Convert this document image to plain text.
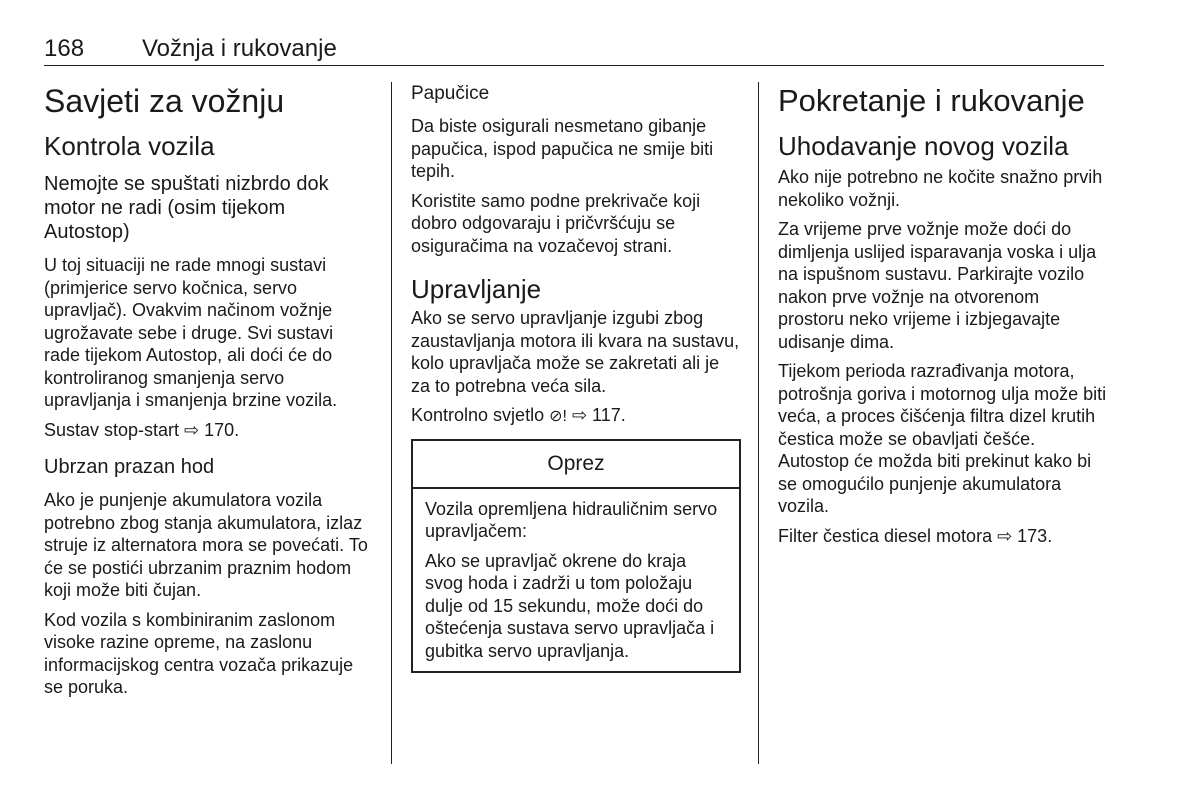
168 Vožnja i rukovanje
Savjeti za vožnju
Kontrola vozila
Nemojte se spuštati nizbrdo dok motor ne radi (osim tijekom Autostop)

U toj situaciji ne rade mnogi sustavi (primjerice servo kočnica, servo upravljač). Ovakvim načinom vožnje ugrožavate sebe i druge. Svi sustavi rade tijekom Autostop, ali doći će do kontroliranog smanjenja servo upravljanja i smanjenja brzine vozila.

Sustav stop-start ⇨ 170.

Ubrzan prazan hod

Ako je punjenje akumulatora vozila potrebno zbog stanja akumulatora, izlaz struje iz alternatora mora se povećati. To će se postići ubrzanim praznim hodom koji može biti čujan.

Kod vozila s kombiniranim zaslonom visoke razine opreme, na zaslonu informacijskog centra vozača prikazuje se poruka.

Papučice

Da biste osigurali nesmetano gibanje papučica, ispod papučica ne smije biti tepih.

Koristite samo podne prekrivače koji dobro odgovaraju i pričvršćuju se osiguračima na vozačevoj strani.

Upravljanje

Ako se servo upravljanje izgubi zbog zaustavljanja motora ili kvara na sustavu, kolo upravljača može se zakretati ali je za to potrebna veća sila.

Kontrolno svjetlo ⊘! ⇨ 117.

Oprez

Vozila opremljena hidrauličnim servo upravljačem:

Ako se upravljač okrene do kraja svog hoda i zadrži u tom položaju dulje od 15 sekundu, može doći do oštećenja sustava servo upravljača i gubitka servo upravljanja.

Pokretanje i rukovanje
Uhodavanje novog vozila

Ako nije potrebno ne kočite snažno prvih nekoliko vožnji.

Za vrijeme prve vožnje može doći do dimljenja uslijed isparavanja voska i ulja na ispušnom sustavu. Parkirajte vozilo nakon prve vožnje na otvorenom prostoru neko vrijeme i izbjegavajte udisanje dima.

Tijekom perioda razrađivanja motora, potrošnja goriva i motornog ulja može biti veća, a proces čišćenja filtra dizel krutih čestica može se obavljati češće. Autostop će možda biti prekinut kako bi se omogućilo punjenje akumulatora vozila.

Filter čestica diesel motora ⇨ 173.
